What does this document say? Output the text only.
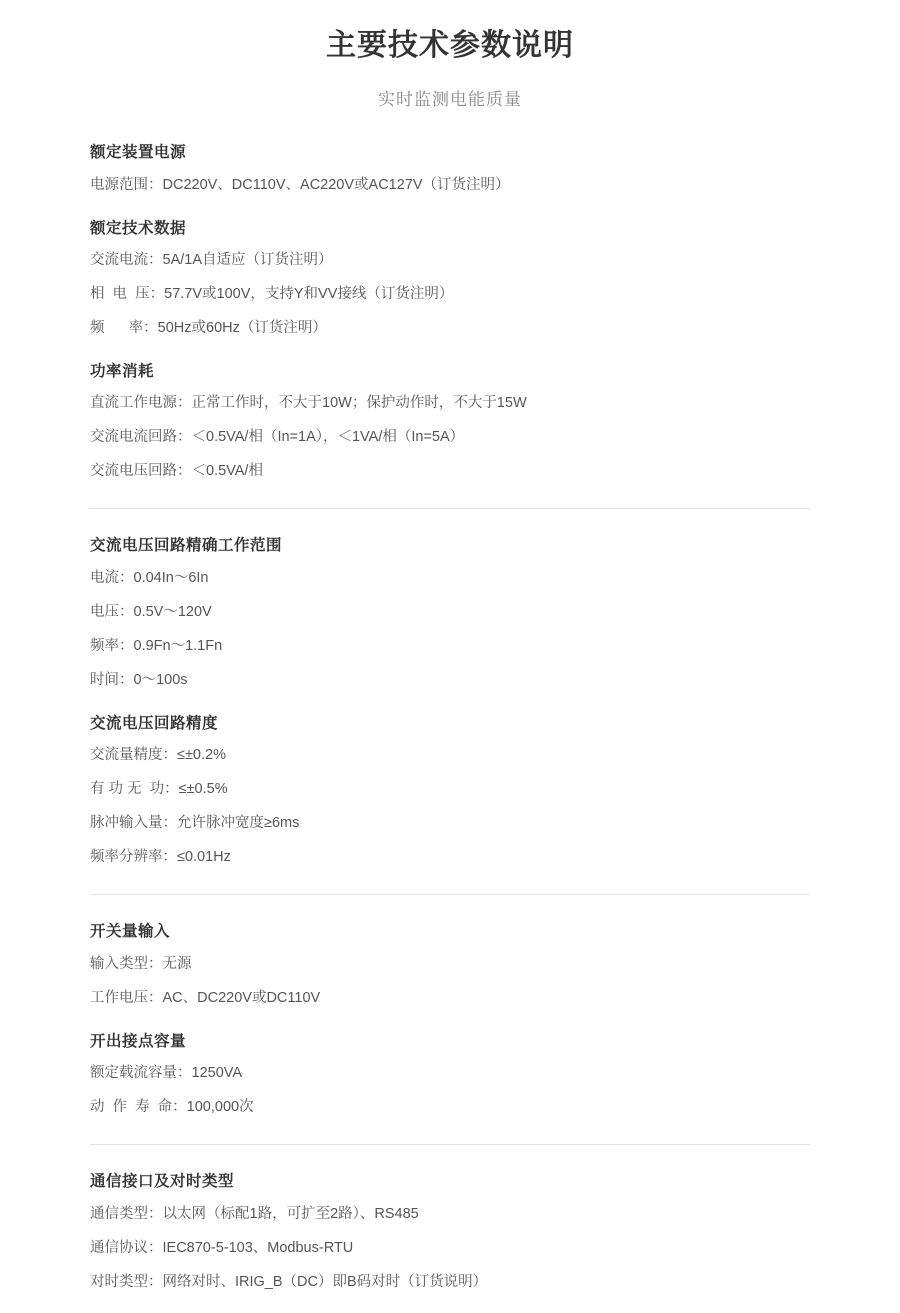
主要技术参数说明
实时监测电能质量
额定装置电源
电源范围： DC220V、DC110V、AC220V或AC127V（订货注明）
额定技术数据
交流电流： 5A/1A自适应（订货注明）
相  电  压： 57.7V或100V，支持Y和VV接线（订货注明）
频      率： 50Hz或60Hz（订货注明）
功率消耗
直流工作电源： 正常工作时，不大于10W；保护动作时，不大于15W
交流电流回路： ＜0.5VA/相（In=1A），＜1VA/相（In=5A）
交流电压回路： ＜0.5VA/相
交流电压回路精确工作范围
电流： 0.04In～6In
电压： 0.5V～120V
频率： 0.9Fn～1.1Fn
时间： 0～100s
交流电压回路精度
交流量精度： ≤±0.2%
有 功 无  功： ≤±0.5%
脉冲输入量： 允许脉冲宽度≥6ms
频率分辨率： ≤0.01Hz
开关量输入
输入类型： 无源
工作电压： AC、DC220V或DC110V
开出接点容量
额定载流容量： 1250VA
动  作  寿  命： 100,000次
通信接口及对时类型
通信类型： 以太网（标配1路，可扩至2路）、RS485
通信协议： IEC870-5-103、Modbus-RTU
对时类型： 网络对时、IRIG_B（DC）即B码对时（订货说明）
